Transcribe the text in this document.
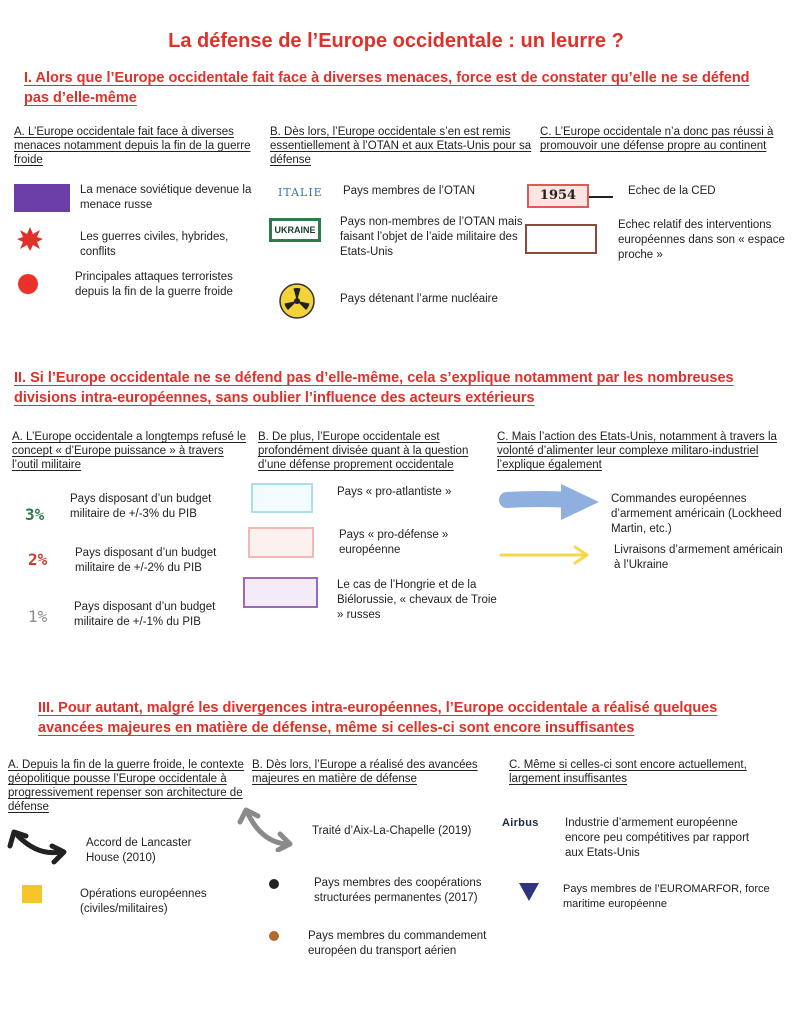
La défense de l’Europe occidentale : un leurre ?
I. Alors que l’Europe occidentale fait face à diverses menaces, force est de constater qu’elle ne se défend pas d’elle-même
A. L’Europe occidentale fait face à diverses menaces notamment depuis la fin de la guerre froide
La menace soviétique devenue la menace russe
Les guerres civiles, hybrides, conflits
Principales attaques terroristes depuis la fin de la guerre froide
B. Dès lors, l’Europe occidentale s’en est remis essentiellement à l’OTAN et aux Etats-Unis pour sa défense
ITALIE Pays membres de l’OTAN
UKRAINE
Pays non-membres de l’OTAN mais faisant l’objet de l’aide militaire des Etats-Unis
Pays détenant l’arme nucléaire
C. L’Europe occidentale n’a donc pas réussi à promouvoir une défense propre au continent
1954	Echec de la CED
Echec relatif des interventions européennes dans son « espace proche »
II. Si l’Europe occidentale ne se défend pas d’elle-même, cela s’explique notamment par les nombreuses divisions intra-européennes, sans oublier l’influence des acteurs extérieurs
A. L’Europe occidentale a longtemps refusé le concept « d’Europe puissance » à travers l’outil militaire
3%
Pays disposant d’un budget militaire de +/-3% du PIB
2% Pays disposant d’un budget militaire de +/-2% du PIB
1% Pays disposant d’un budget militaire de +/-1% du PIB
B. De plus, l’Europe occidentale est profondément divisée quant à la question d’une défense proprement occidentale
Pays « pro-atlantiste »
Pays « pro-défense » européenne
Le cas de l’Hongrie et de la Biélorussie, « chevaux de Troie » russes
C. Mais l’action des Etats-Unis, notamment à travers la volonté d’alimenter leur complexe militaro-industriel l’explique également
Commandes européennes d’armement américain (Lockheed Martin, etc.)
Livraisons d’armement américain à l’Ukraine
III. Pour autant, malgré les divergences intra-européennes, l’Europe occidentale a réalisé quelques avancées majeures en matière de défense, même si celles-ci sont encore insuffisantes
A. Depuis la fin de la guerre froide, le contexte géopolitique pousse l’Europe occidentale à progressivement repenser son architecture de défense
Accord de Lancaster House (2010)
Opérations européennes (civiles/militaires)
B. Dès lors, l’Europe a réalisé des avancées majeures en matière de défense
Traité d’Aix-La-Chapelle (2019)
Pays membres des coopérations structurées permanentes (2017)
Pays membres du commandement européen du transport aérien
C. Même si celles-ci sont encore actuellement, largement insuffisantes
Airbus Industrie d’armement européenne encore peu compétitives par rapport aux Etats-Unis
Pays membres de l’EUROMARFOR, force maritime européenne
